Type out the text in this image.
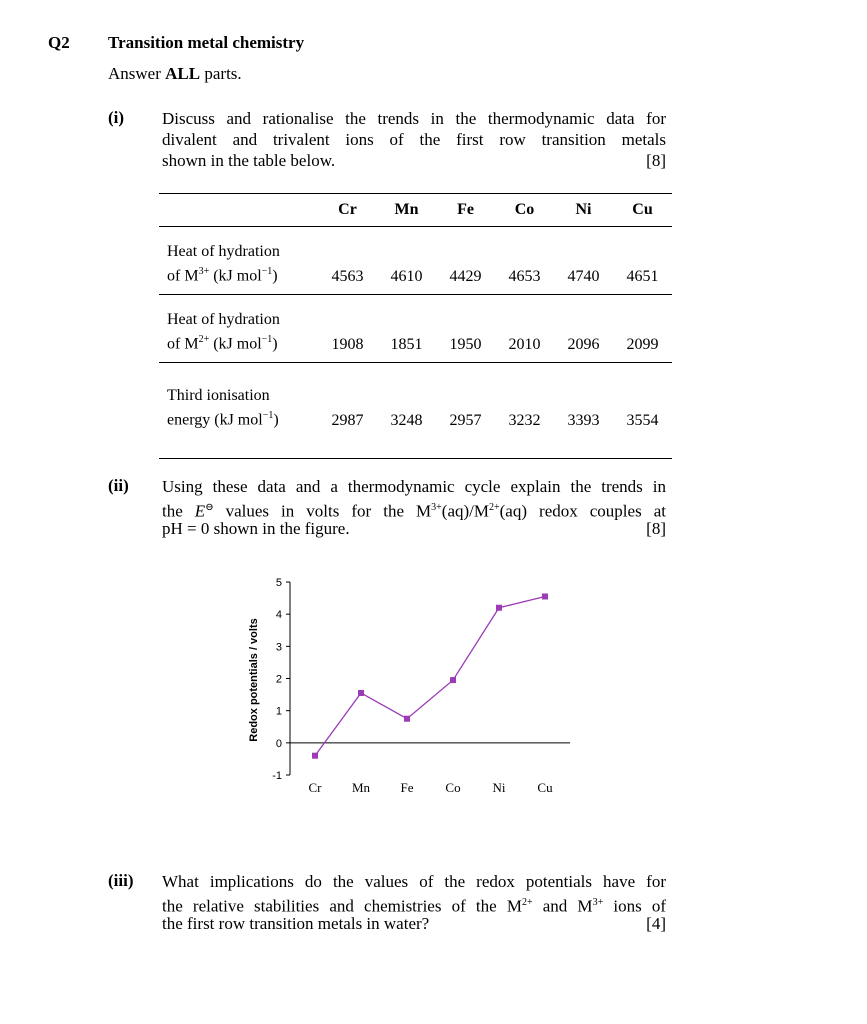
Q2 Transition metal chemistry
Answer ALL parts.
(i) Discuss and rationalise the trends in the thermodynamic data for
divalent and trivalent ions of the first row transition metals
shown in the table below.	[8]
	Cr	Mn	Fe	Co	Ni	Cu
Heat of hydration
of $M^{3+}$ (kJ mol$^{-1}$)	4563	4610	4429	4653	4740	4651
Heat of hydration
of $M^{2+}$ (kJ mol$^{-1}$)	1908	1851	1950	2010	2096	2099
Third ionisation
energy (kJ mol$^{-1}$)	2987	3248	2957	3232	3393	3554
(ii) Using these data and a thermodynamic cycle explain the trends in
the E⊖ values in volts for the $M^{3+}(aq)/M^{2+}(aq)$ redox couples at
pH = 0 shown in the figure.	[8]
Redox potentials / volts
5
4
3
2
1
0
-1
Cr Mn Fe Co Ni Cu
(iii) What implications do the values of the redox potentials have for
the relative stabilities and chemistries of the $M^{2+}$ and $M^{3+}$ ions of
the first row transition metals in water?	[4]
